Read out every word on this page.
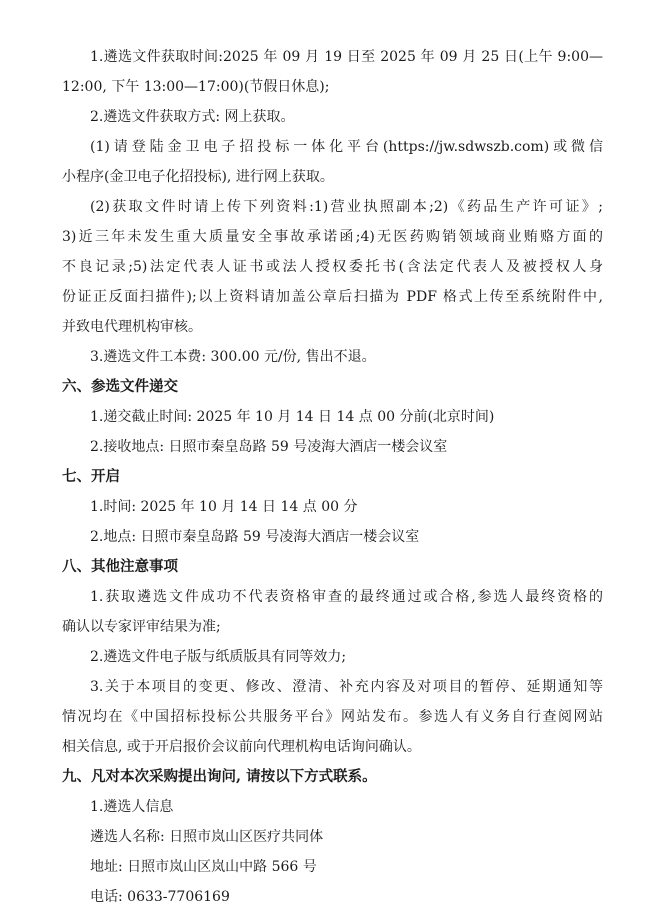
1.遴选文件获取时间:2025 年 09 月 19 日至 2025 年 09 月 25 日(上午 9:00—
12:00, 下午 13:00—17:00)(节假日休息);
2.遴选文件获取方式: 网上获取。
(1)请登陆金卫电子招投标一体化平台(https://jw.sdwszb.com)或微信
小程序(金卫电子化招投标), 进行网上获取。
(2)获取文件时请上传下列资料:1)营业执照副本;2)《药品生产许可证》;
3)近三年未发生重大质量安全事故承诺函;4)无医药购销领域商业贿赂方面的
不良记录;5)法定代表人证书或法人授权委托书(含法定代表人及被授权人身
份证正反面扫描件);以上资料请加盖公章后扫描为 PDF 格式上传至系统附件中,
并致电代理机构审核。
3.遴选文件工本费: 300.00 元/份, 售出不退。
六、参选文件递交
1.递交截止时间: 2025 年 10 月 14 日 14 点 00 分前(北京时间)
2.接收地点: 日照市秦皇岛路 59 号凌海大酒店一楼会议室
七、开启
1.时间: 2025 年 10 月 14 日 14 点 00 分
2.地点: 日照市秦皇岛路 59 号凌海大酒店一楼会议室
八、其他注意事项
1.获取遴选文件成功不代表资格审查的最终通过或合格,参选人最终资格的
确认以专家评审结果为准;
2.遴选文件电子版与纸质版具有同等效力;
3.关于本项目的变更、修改、澄清、补充内容及对项目的暂停、延期通知等
情况均在《中国招标投标公共服务平台》网站发布。参选人有义务自行查阅网站
相关信息, 或于开启报价会议前向代理机构电话询问确认。
九、凡对本次采购提出询问, 请按以下方式联系。
1.遴选人信息
遴选人名称: 日照市岚山区医疗共同体
地址: 日照市岚山区岚山中路 566 号
电话: 0633-7706169
